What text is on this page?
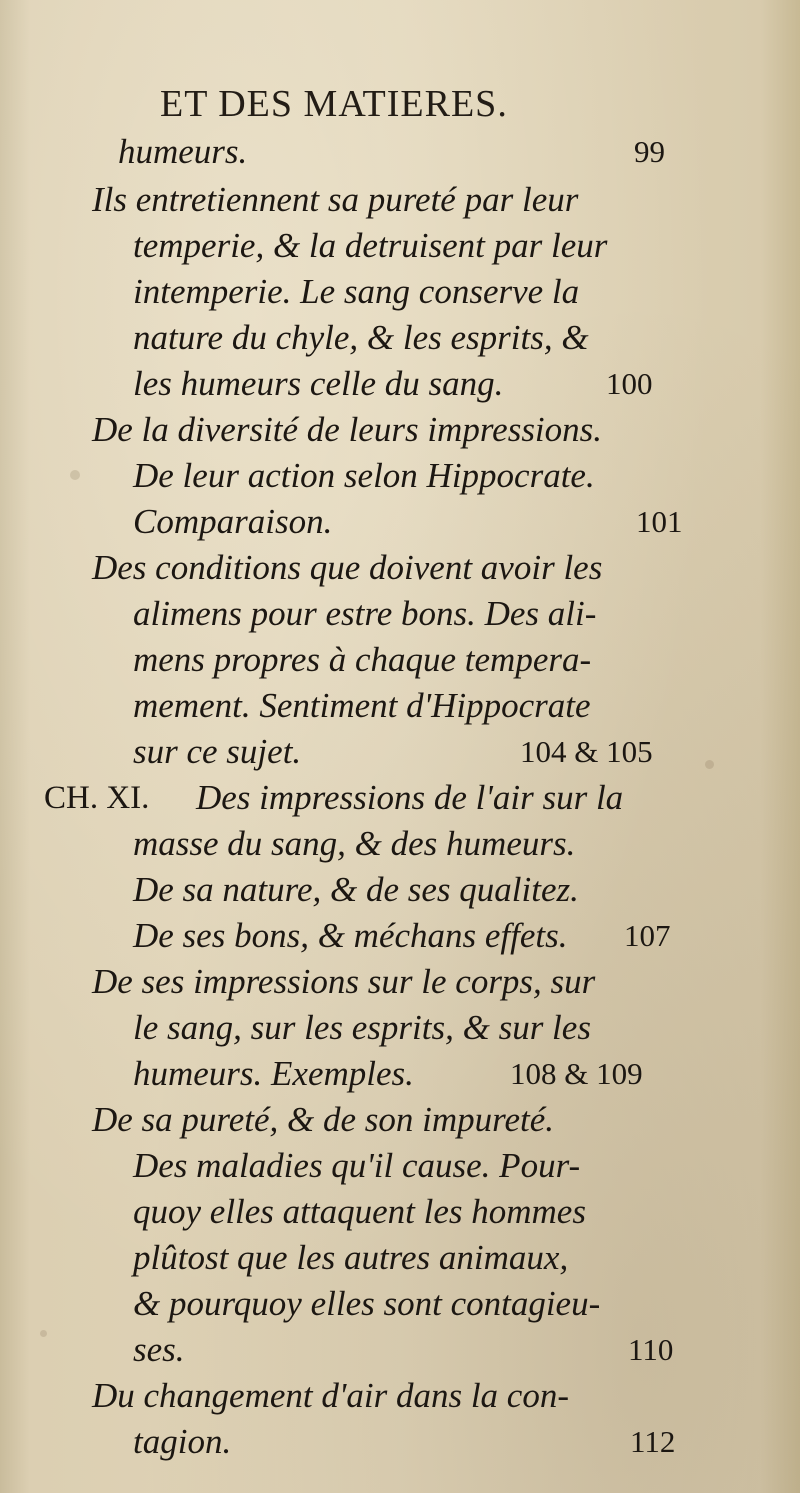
ET DES MATIERES.
humeurs.	99
Ils entretiennent sa pureté par leur
temperie, & la detruisent par leur
intemperie. Le sang conserve la
nature du chyle, & les esprits, &
les humeurs celle du sang.	100
De la diversité de leurs impressions.
De leur action selon Hippocrate.
Comparaison.	101
Des conditions que doivent avoir les
alimens pour estre bons. Des ali-
mens propres à chaque tempera-
mement. Sentiment d'Hippocrate
sur ce sujet.	104 & 105
CH. XI. Des impressions de l'air sur la
masse du sang, & des humeurs.
De sa nature, & de ses qualitez.
De ses bons, & méchans effets. 107
De ses impressions sur le corps, sur
le sang, sur les esprits, & sur les
humeurs. Exemples.	108 & 109
De sa pureté, & de son impureté.
Des maladies qu'il cause. Pour-
quoy elles attaquent les hommes
plûtost que les autres animaux,
& pourquoy elles sont contagieu-
ses.	110
Du changement d'air dans la con-
tagion.	112
